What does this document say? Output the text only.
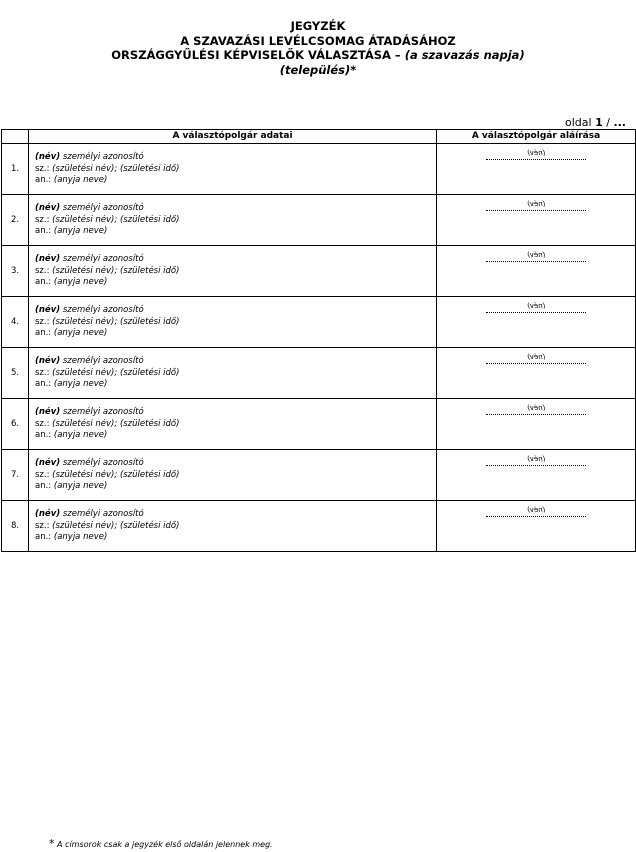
JEGYZÉK
A SZAVAZÁSI LEVÉLCSOMAG ÁTADÁSÁHOZ
ORSZÁGGYŰLÉSI KÉPVISELŐK VÁLASZTÁSA – (a szavazás napja)
(település)*
oldal 1 / ...
	A választópolgár adatai	A választópolgár aláírása

1.	(név) személyi azonosító
sz.: (születési név); (születési idő)
an.: (anyja neve)	(név)

2.	(név) személyi azonosító
sz.: (születési név); (születési idő)
an.: (anyja neve)	(név)

3.	(név) személyi azonosító
sz.: (születési név); (születési idő)
an.: (anyja neve)	(név)

4.	(név) személyi azonosító
sz.: (születési név); (születési idő)
an.: (anyja neve)	(név)

5.	(név) személyi azonosító
sz.: (születési név); (születési idő)
an.: (anyja neve)	(név)

6.	(név) személyi azonosító
sz.: (születési név); (születési idő)
an.: (anyja neve)	(név)

7.	(név) személyi azonosító
sz.: (születési név); (születési idő)
an.: (anyja neve)	(név)

8.	(név) személyi azonosító
sz.: (születési név); (születési idő)
an.: (anyja neve)	(név)
* A címsorok csak a jegyzék első oldalán jelennek meg.
